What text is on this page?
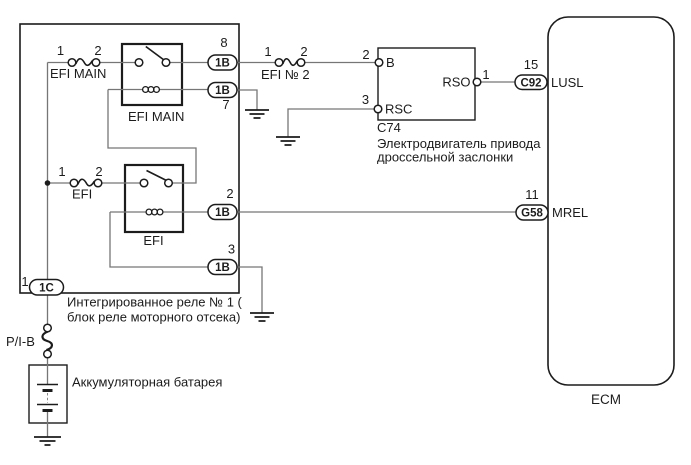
1B
1B
1B
1B
1C
C92
G58
1 2
EFI MAIN
EFI MAIN
8
7
1 2
EFI № 2
2
B
3
RSC
RSO 1
C74
Электродвигатель привода
дроссельной заслонки
15
LUSL
11
MREL
ECM
1 2
EFI
EFI
2
3
1
Интегрированное реле № 1 (
блок реле моторного отсека)
P/I-B
Аккумуляторная батарея
